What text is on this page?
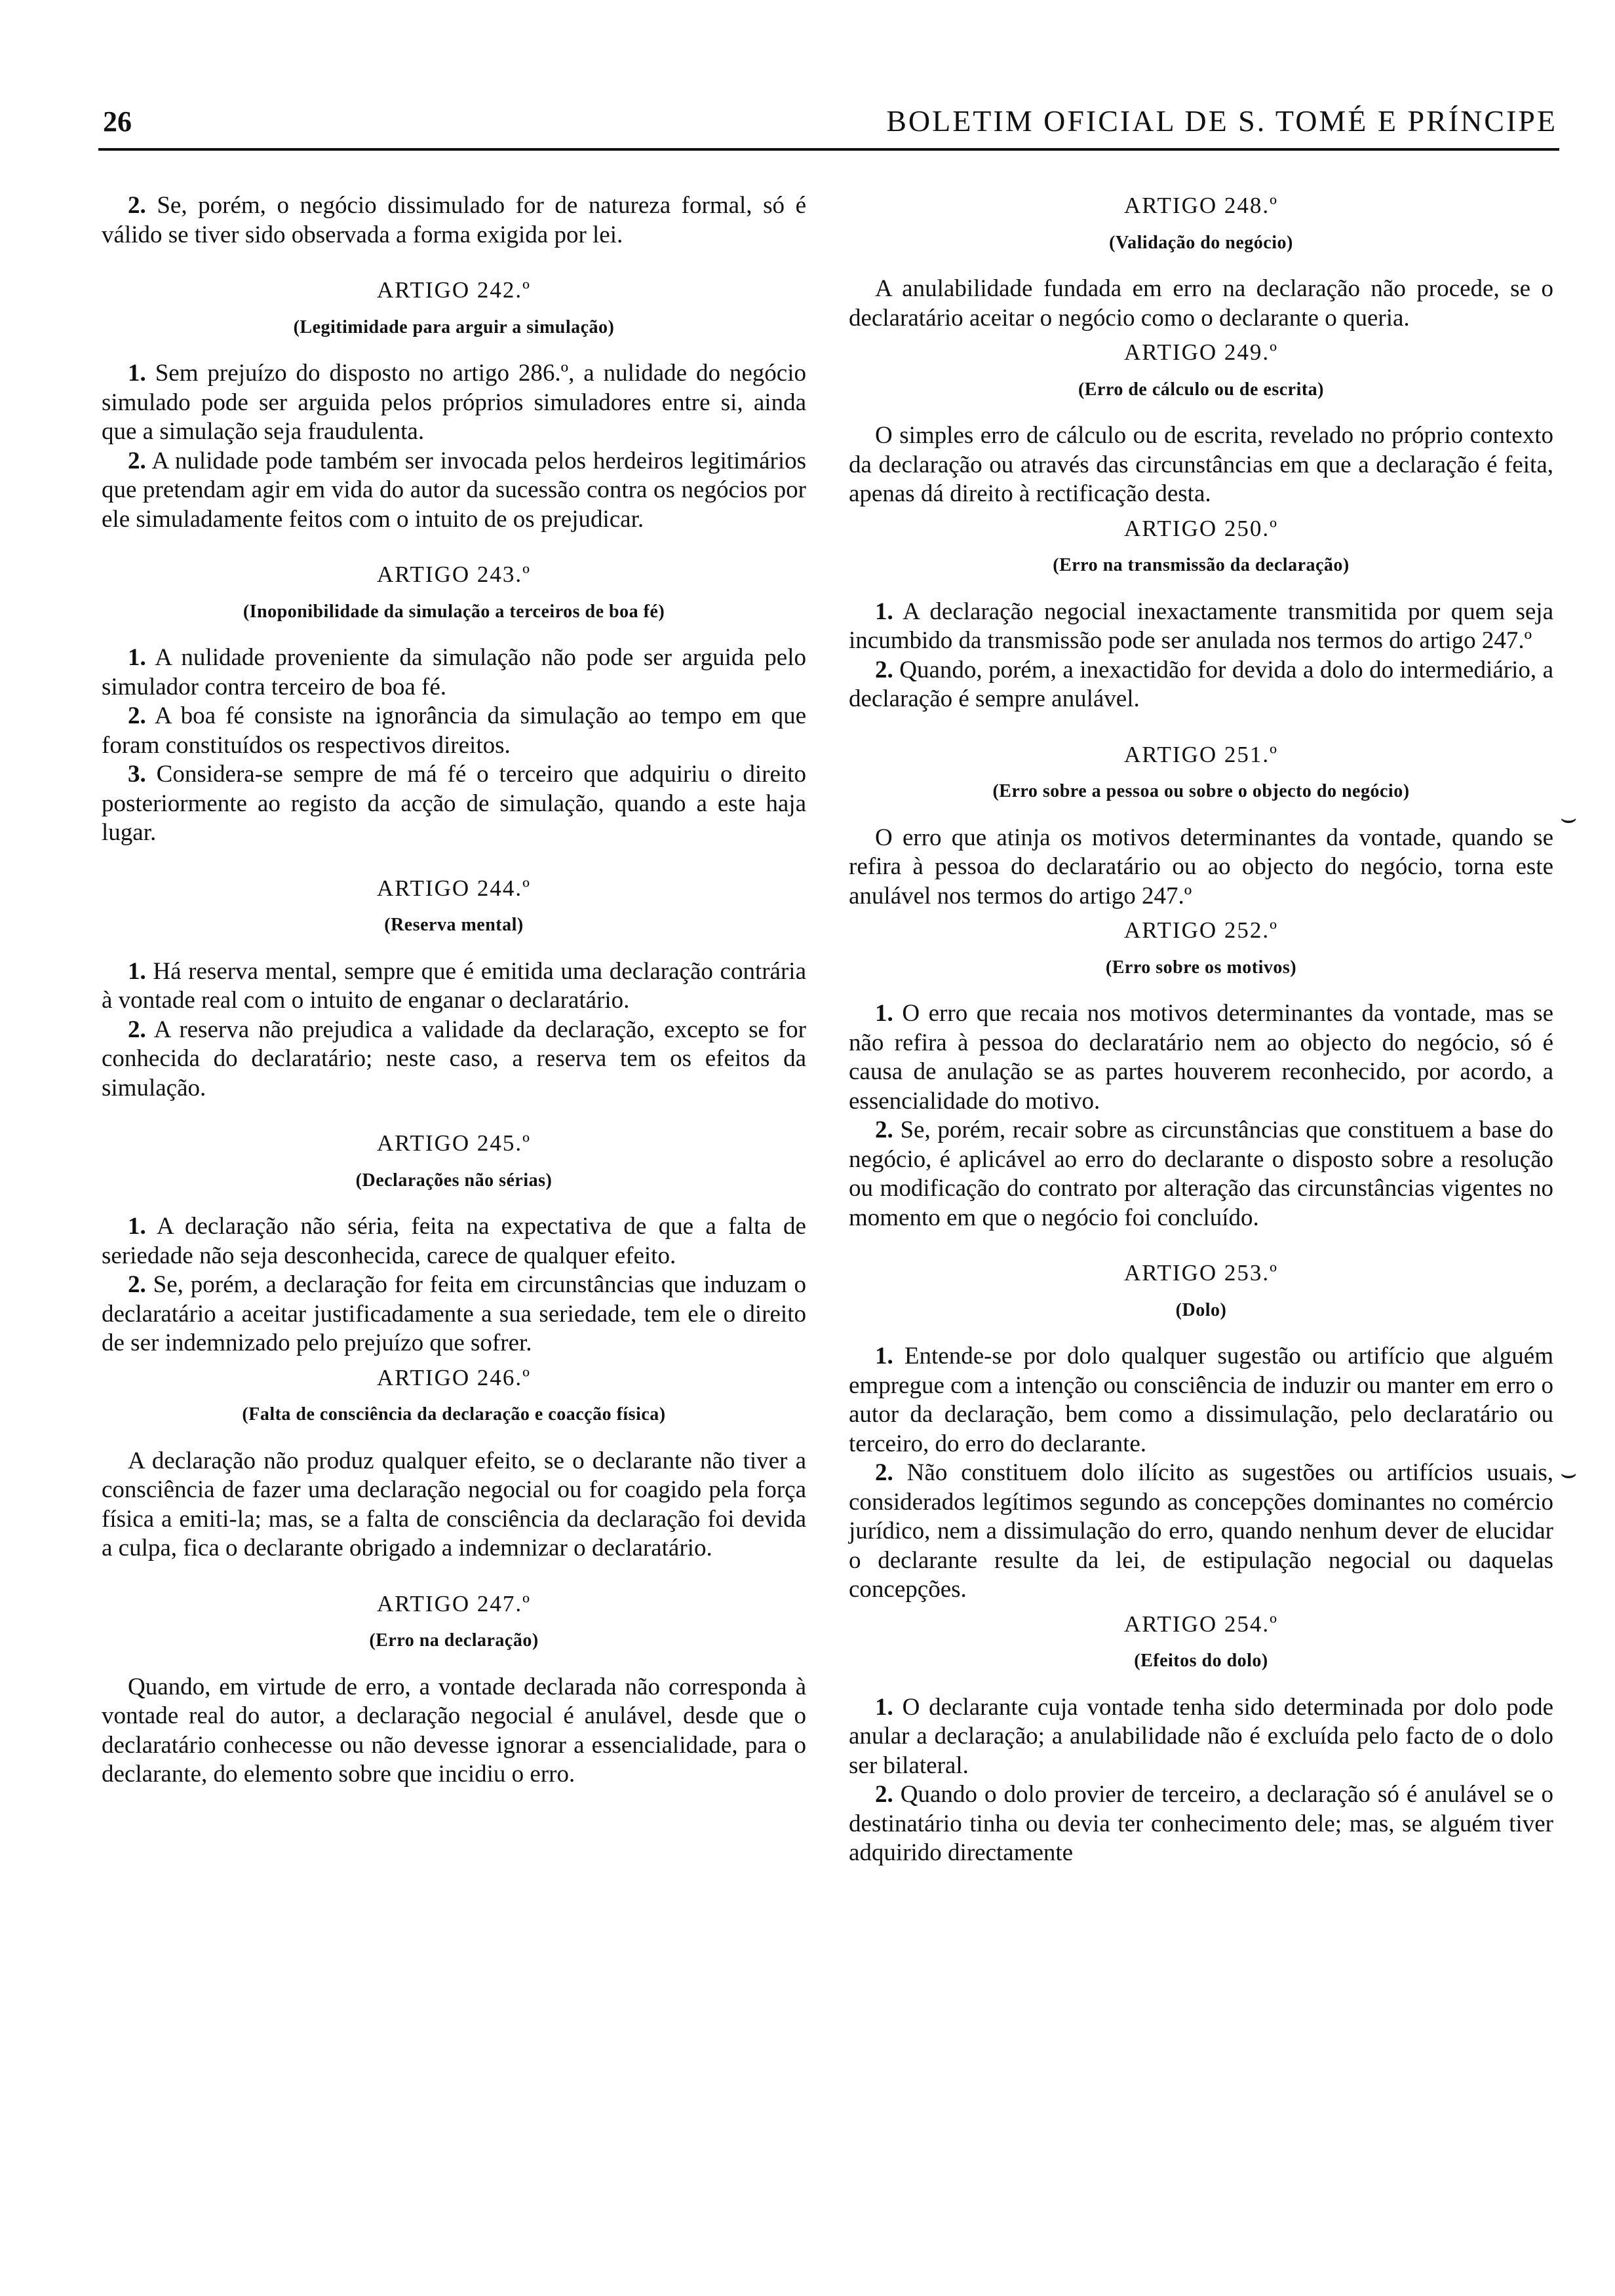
26	BOLETIM OFICIAL DE S. TOMÉ E PRÍNCIPE

2. Se, porém, o negócio dissimulado for de natureza formal, só é válido se tiver sido observada a forma exigida por lei.

ARTIGO 242.º
(Legitimidade para arguir a simulação)

1. Sem prejuízo do disposto no artigo 286.º, a nulidade do negócio simulado pode ser arguida pelos próprios simuladores entre si, ainda que a simulação seja fraudulenta.

2. A nulidade pode também ser invocada pelos herdeiros legitimários que pretendam agir em vida do autor da sucessão contra os negócios por ele simuladamente feitos com o intuito de os prejudicar.

ARTIGO 243.º
(Inoponibilidade da simulação a terceiros de boa fé)

1. A nulidade proveniente da simulação não pode ser arguida pelo simulador contra terceiro de boa fé.

2. A boa fé consiste na ignorância da simulação ao tempo em que foram constituídos os respectivos direitos.

3. Considera-se sempre de má fé o terceiro que adquiriu o direito posteriormente ao registo da acção de simulação, quando a este haja lugar.

ARTIGO 244.º
(Reserva mental)

1. Há reserva mental, sempre que é emitida uma declaração contrária à vontade real com o intuito de enganar o declaratário.

2. A reserva não prejudica a validade da declaração, excepto se for conhecida do declaratário; neste caso, a reserva tem os efeitos da simulação.

ARTIGO 245.º
(Declarações não sérias)

1. A declaração não séria, feita na expectativa de que a falta de seriedade não seja desconhecida, carece de qualquer efeito.

2. Se, porém, a declaração for feita em circunstâncias que induzam o declaratário a aceitar justificadamente a sua seriedade, tem ele o direito de ser indemnizado pelo prejuízo que sofrer.

ARTIGO 246.º
(Falta de consciência da declaração e coacção física)

A declaração não produz qualquer efeito, se o declarante não tiver a consciência de fazer uma declaração negocial ou for coagido pela força física a emiti-la; mas, se a falta de consciência da declaração foi devida a culpa, fica o declarante obrigado a indemnizar o declaratário.

ARTIGO 247.º
(Erro na declaração)

Quando, em virtude de erro, a vontade declarada não corresponda à vontade real do autor, a declaração negocial é anulável, desde que o declaratário conhecesse ou não devesse ignorar a essencialidade, para o declarante, do elemento sobre que incidiu o erro.

ARTIGO 248.º
(Validação do negócio)

A anulabilidade fundada em erro na declaração não procede, se o declaratário aceitar o negócio como o declarante o queria.

ARTIGO 249.º
(Erro de cálculo ou de escrita)

O simples erro de cálculo ou de escrita, revelado no próprio contexto da declaração ou através das circunstâncias em que a declaração é feita, apenas dá direito à rectificação desta.

ARTIGO 250.º
(Erro na transmissão da declaração)

1. A declaração negocial inexactamente transmitida por quem seja incumbido da transmissão pode ser anulada nos termos do artigo 247.º

2. Quando, porém, a inexactidão for devida a dolo do intermediário, a declaração é sempre anulável.

ARTIGO 251.º
(Erro sobre a pessoa ou sobre o objecto do negócio)

O erro que atinja os motivos determinantes da vontade, quando se refira à pessoa do declaratário ou ao objecto do negócio, torna este anulável nos termos do artigo 247.º

ARTIGO 252.º
(Erro sobre os motivos)

1. O erro que recaia nos motivos determinantes da vontade, mas se não refira à pessoa do declaratário nem ao objecto do negócio, só é causa de anulação se as partes houverem reconhecido, por acordo, a essencialidade do motivo.

2. Se, porém, recair sobre as circunstâncias que constituem a base do negócio, é aplicável ao erro do declarante o disposto sobre a resolução ou modificação do contrato por alteração das circunstâncias vigentes no momento em que o negócio foi concluído.

ARTIGO 253.º
(Dolo)

1. Entende-se por dolo qualquer sugestão ou artifício que alguém empregue com a intenção ou consciência de induzir ou manter em erro o autor da declaração, bem como a dissimulação, pelo declaratário ou terceiro, do erro do declarante.

2. Não constituem dolo ilícito as sugestões ou artifícios usuais, considerados legítimos segundo as concepções dominantes no comércio jurídico, nem a dissimulação do erro, quando nenhum dever de elucidar o declarante resulte da lei, de estipulação negocial ou daquelas concepções.

ARTIGO 254.º
(Efeitos do dolo)

1. O declarante cuja vontade tenha sido determinada por dolo pode anular a declaração; a anulabilidade não é excluída pelo facto de o dolo ser bilateral.

2. Quando o dolo provier de terceiro, a declaração só é anulável se o destinatário tinha ou devia ter conhecimento dele; mas, se alguém tiver adquirido directamente

⌣
⌣
